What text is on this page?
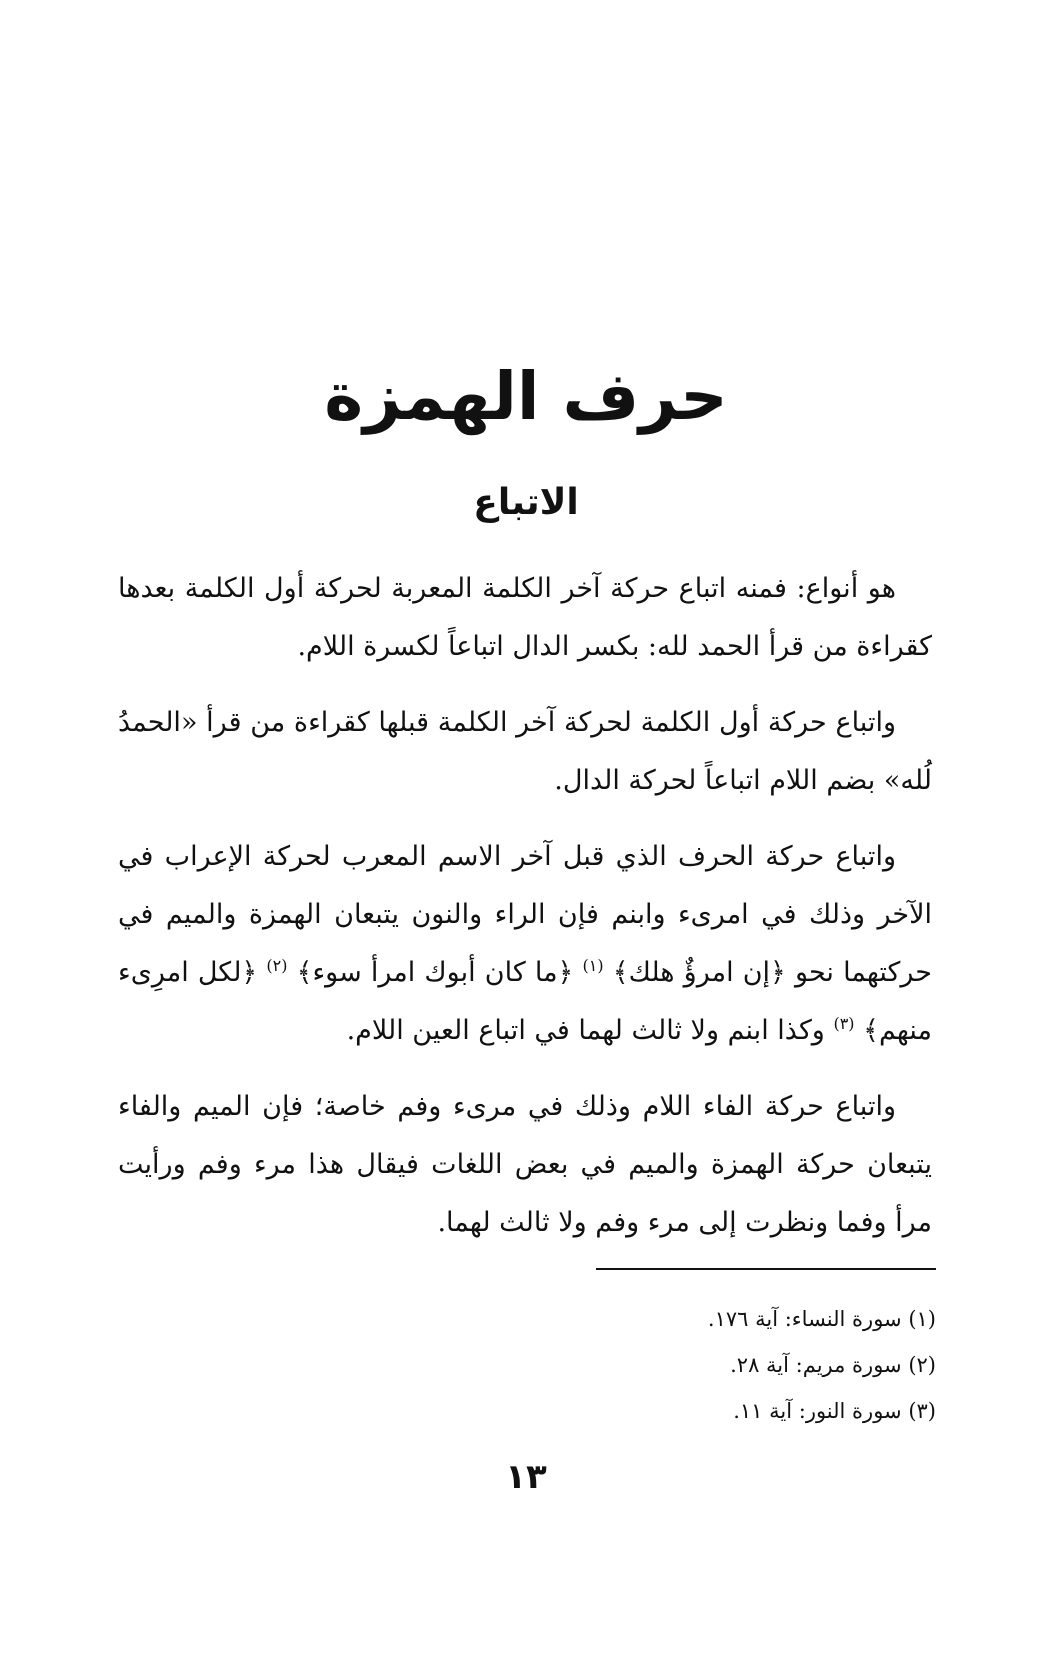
حرف الهمزة
الاتباع

هو أنواع: فمنه اتباع حركة آخر الكلمة المعربة لحركة أول الكلمة بعدها كقراءة من قرأ الحمد لله: بكسر الدال اتباعاً لكسرة اللام.

واتباع حركة أول الكلمة لحركة آخر الكلمة قبلها كقراءة من قرأ «الحمدُ لُله» بضم اللام اتباعاً لحركة الدال.

واتباع حركة الحرف الذي قبل آخر الاسم المعرب لحركة الإعراب في الآخر وذلك في امرىء وابنم فإن الراء والنون يتبعان الهمزة والميم في حركتهما نحو ﴿إن امرؤٌ هلك﴾ $^{(١)}$ ﴿ما كان أبوك امرأ سوء﴾ $^{(٢)}$ ﴿لكل امرِىء منهم﴾ $^{(٣)}$ وكذا ابنم ولا ثالث لهما في اتباع العين اللام.

واتباع حركة الفاء اللام وذلك في مرىء وفم خاصة؛ فإن الميم والفاء يتبعان حركة الهمزة والميم في بعض اللغات فيقال هذا مرء وفم ورأيت مرأ وفما ونظرت إلى مرء وفم ولا ثالث لهما.

(١) سورة النساء: آية ١٧٦.
(٢) سورة مريم: آية ٢٨.
(٣) سورة النور: آية ١١.
١٣
